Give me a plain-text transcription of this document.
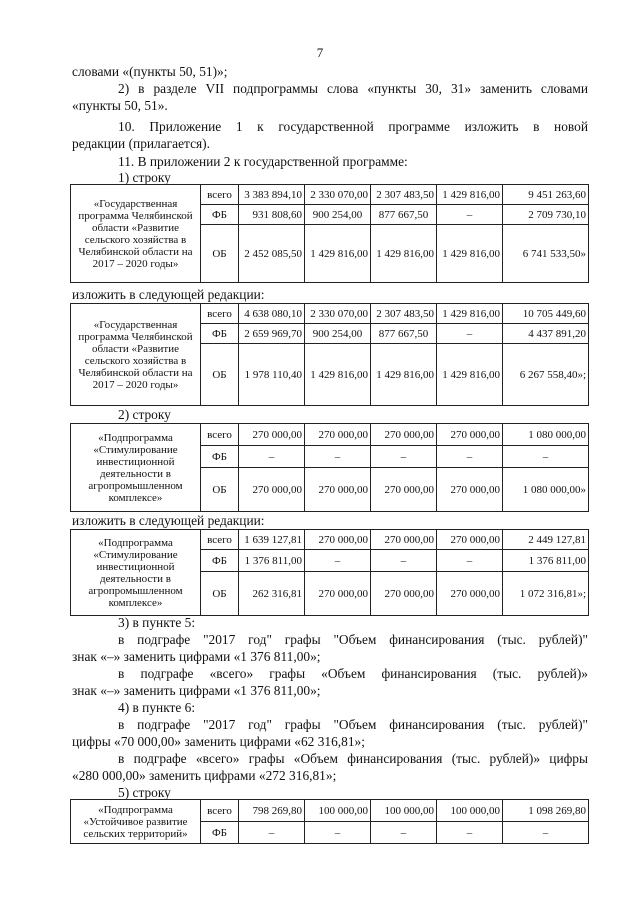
7
словами «(пункты 50, 51)»;
2) в разделе VII подпрограммы слова «пункты 30, 31» заменить словами
«пункты 50, 51».
10. Приложение 1 к государственной программе изложить в новой
редакции (прилагается).
11. В приложении 2 к государственной программе:
1) строку
«Государственная программа Челябинской области «Развитие сельского хозяйства в Челябинской области на 2017 – 2020 годы»	всего	3 383 894,10	2 330 070,00	2 307 483,50	1 429 816,00	9 451 263,60
	ФБ	931 808,60	900 254,00	877 667,50	–	2 709 730,10
	ОБ	2 452 085,50	1 429 816,00	1 429 816,00	1 429 816,00	6 741 533,50»
изложить в следующей редакции:
«Государственная программа Челябинской области «Развитие сельского хозяйства в Челябинской области на 2017 – 2020 годы»	всего	4 638 080,10	2 330 070,00	2 307 483,50	1 429 816,00	10 705 449,60
	ФБ	2 659 969,70	900 254,00	877 667,50	–	4 437 891,20
	ОБ	1 978 110,40	1 429 816,00	1 429 816,00	1 429 816,00	6 267 558,40»;
2) строку
«Подпрограмма «Стимулирование инвестиционной деятельности в агропромышленном комплексе»	всего	270 000,00	270 000,00	270 000,00	270 000,00	1 080 000,00
	ФБ	–	–	–	–	–
	ОБ	270 000,00	270 000,00	270 000,00	270 000,00	1 080 000,00»
изложить в следующей редакции:
«Подпрограмма «Стимулирование инвестиционной деятельности в агропромышленном комплексе»	всего	1 639 127,81	270 000,00	270 000,00	270 000,00	2 449 127,81
	ФБ	1 376 811,00	–	–	–	1 376 811,00
	ОБ	262 316,81	270 000,00	270 000,00	270 000,00	1 072 316,81»;
3) в пункте 5:
в подграфе "2017 год" графы "Объем финансирования (тыс. рублей)"
знак «–» заменить цифрами «1 376 811,00»;
в подграфе «всего» графы «Объем финансирования (тыс. рублей)»
знак «–» заменить цифрами «1 376 811,00»;
4) в пункте 6:
в подграфе "2017 год" графы "Объем финансирования (тыс. рублей)"
цифры «70 000,00» заменить цифрами «62 316,81»;
в подграфе «всего» графы «Объем финансирования (тыс. рублей)» цифры
«280 000,00» заменить цифрами «272 316,81»;
5) строку
«Подпрограмма «Устойчивое развитие сельских территорий»	всего	798 269,80	100 000,00	100 000,00	100 000,00	1 098 269,80
	ФБ	–	–	–	–	–
